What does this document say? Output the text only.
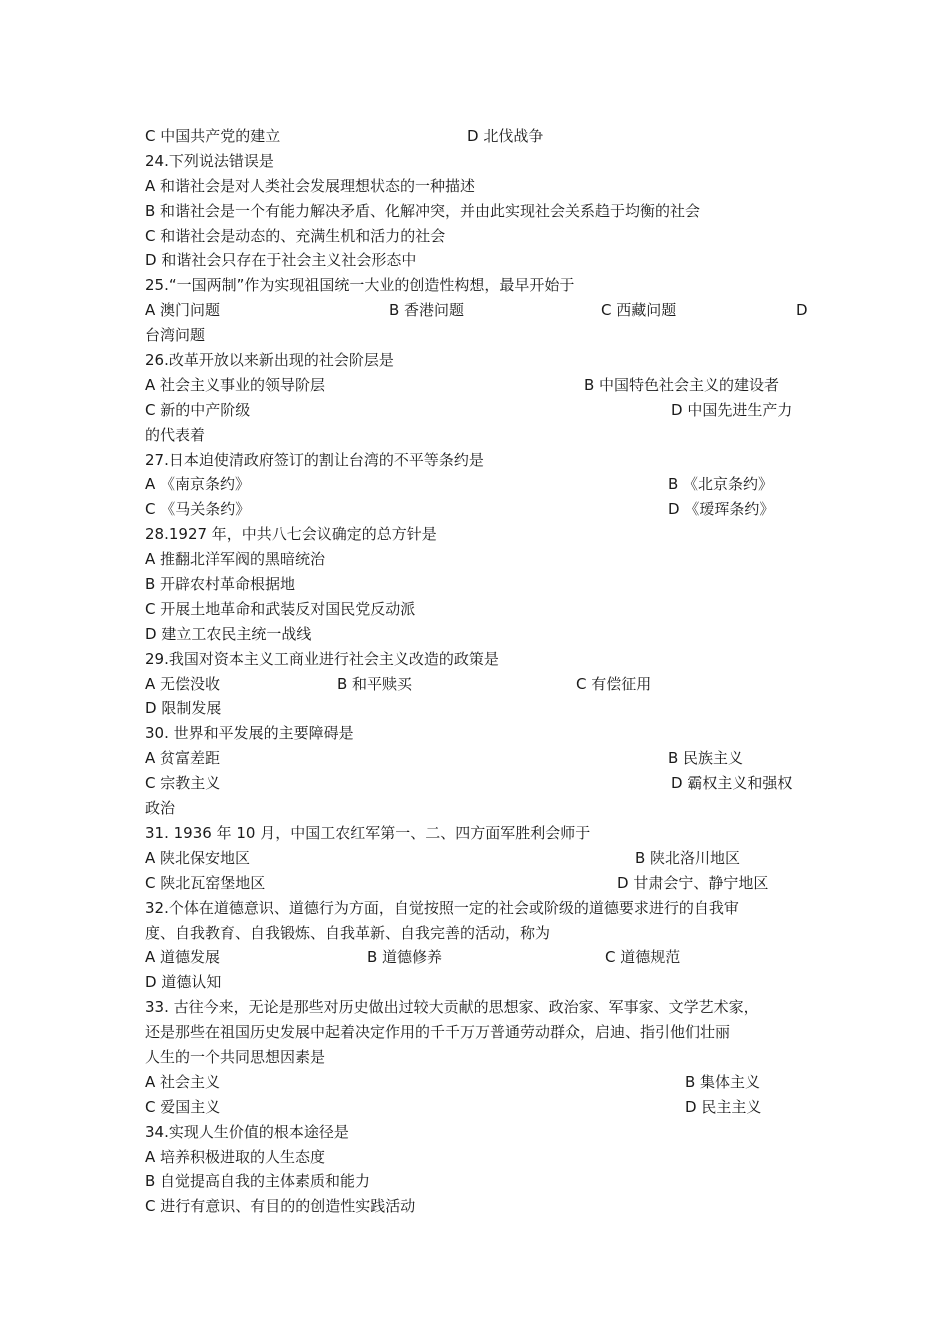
C 中国共产党的建立	D 北伐战争
24.下列说法错误是
A 和谐社会是对人类社会发展理想状态的一种描述
B 和谐社会是一个有能力解决矛盾、化解冲突，并由此实现社会关系趋于均衡的社会
C 和谐社会是动态的、充满生机和活力的社会
D 和谐社会只存在于社会主义社会形态中
25.“一国两制”作为实现祖国统一大业的创造性构想，最早开始于
A 澳门问题	B 香港问题	C 西藏问题	D
台湾问题
26.改革开放以来新出现的社会阶层是
A 社会主义事业的领导阶层	B 中国特色社会主义的建设者
C 新的中产阶级	D 中国先进生产力
的代表着
27.日本迫使清政府签订的割让台湾的不平等条约是
A 《南京条约》	B 《北京条约》
C 《马关条约》	D 《瑷珲条约》
28.1927 年，中共八七会议确定的总方针是
A 推翻北洋军阀的黑暗统治
B 开辟农村革命根据地
C 开展土地革命和武装反对国民党反动派
D 建立工农民主统一战线
29.我国对资本主义工商业进行社会主义改造的政策是
A 无偿没收	B 和平赎买	C 有偿征用
D 限制发展
30. 世界和平发展的主要障碍是
A 贫富差距	B 民族主义
C 宗教主义	D 霸权主义和强权
政治
31. 1936 年 10 月，中国工农红军第一、二、四方面军胜利会师于
A 陕北保安地区	B 陕北洛川地区
C 陕北瓦窑堡地区	D 甘肃会宁、静宁地区
32.个体在道德意识、道德行为方面，自觉按照一定的社会或阶级的道德要求进行的自我审
度、自我教育、自我锻炼、自我革新、自我完善的活动，称为
A 道德发展	B 道德修养	C 道德规范
D 道德认知
33. 古往今来，无论是那些对历史做出过较大贡献的思想家、政治家、军事家、文学艺术家，
还是那些在祖国历史发展中起着决定作用的千千万万普通劳动群众，启迪、指引他们壮丽
人生的一个共同思想因素是
A 社会主义	B 集体主义
C 爱国主义	D 民主主义
34.实现人生价值的根本途径是
A 培养积极进取的人生态度
B 自觉提高自我的主体素质和能力
C 进行有意识、有目的的创造性实践活动
